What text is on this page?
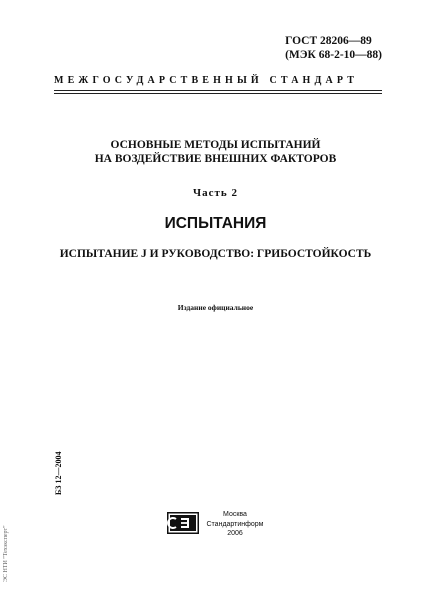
ГОСТ 28206—89
(МЭК 68-2-10—88)
МЕЖГОСУДАРСТВЕННЫЙ СТАНДАРТ
ОСНОВНЫЕ МЕТОДЫ ИСПЫТАНИЙ
НА ВОЗДЕЙСТВИЕ ВНЕШНИХ ФАКТОРОВ
Часть 2
ИСПЫТАНИЯ
ИСПЫТАНИЕ J И РУКОВОДСТВО: ГРИБОСТОЙКОСТЬ
Издание официальное
БЗ 12—2004
ЭС НТИ "Техэксперт"
Москва
Стандартинформ
2006
